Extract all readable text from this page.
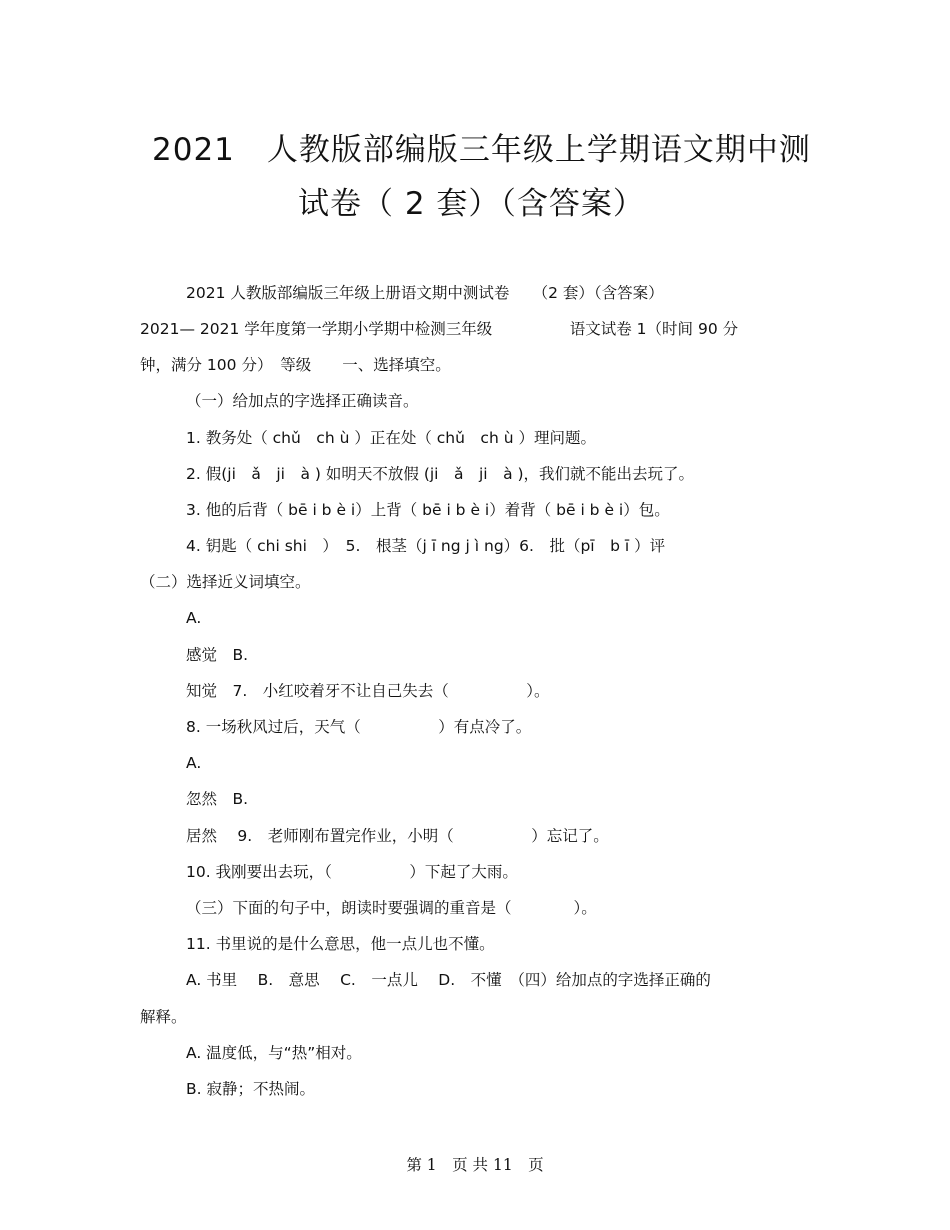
2021　人教版部编版三年级上学期语文期中测
试卷（ 2 套）（含答案）

2021 人教版部编版三年级上册语文期中测试卷　　（2 套）（含答案）

2021— 2021 学年度第一学期小学期中检测三年级　　　　　语文试卷 1（时间 90 分

钟，满分 100 分）　等级　　一、选择填空。

（一）给加点的字选择正确读音。

1. 教务处（ chǔ　ch ù ）正在处（ chǔ　ch ù ）理问题。

2. 假(ji　ǎ　ji　à ) 如明天不放假 (ji　ǎ　ji　à )，我们就不能出去玩了。

3. 他的后背（ bē i b è i）上背（ bē i b è i）着背（ bē i b è i）包。

4. 钥匙（ chi shi　）　5.　根茎（j ī ng j ì ng）6.　批（pī　b ī ）评

（二）选择近义词填空。

A.

感觉　B.

知觉　7.　小红咬着牙不让自己失去（　　　　　）。

8. 一场秋风过后，天气（　　　　　）有点冷了。

A.

忽然　B.

居然　 9.　老师刚布置完作业，小明（　　　　　）忘记了。

10. 我刚要出去玩，（　　　　　）下起了大雨。

（三）下面的句子中，朗读时要强调的重音是（　　　　）。

11. 书里说的是什么意思，他一点儿也不懂。

A. 书里　 B.　意思　 C.　一点儿　 D.　不懂　（四）给加点的字选择正确的

解释。

A. 温度低，与“热”相对。

B. 寂静；不热闹。

第 1　页 共 11　页
